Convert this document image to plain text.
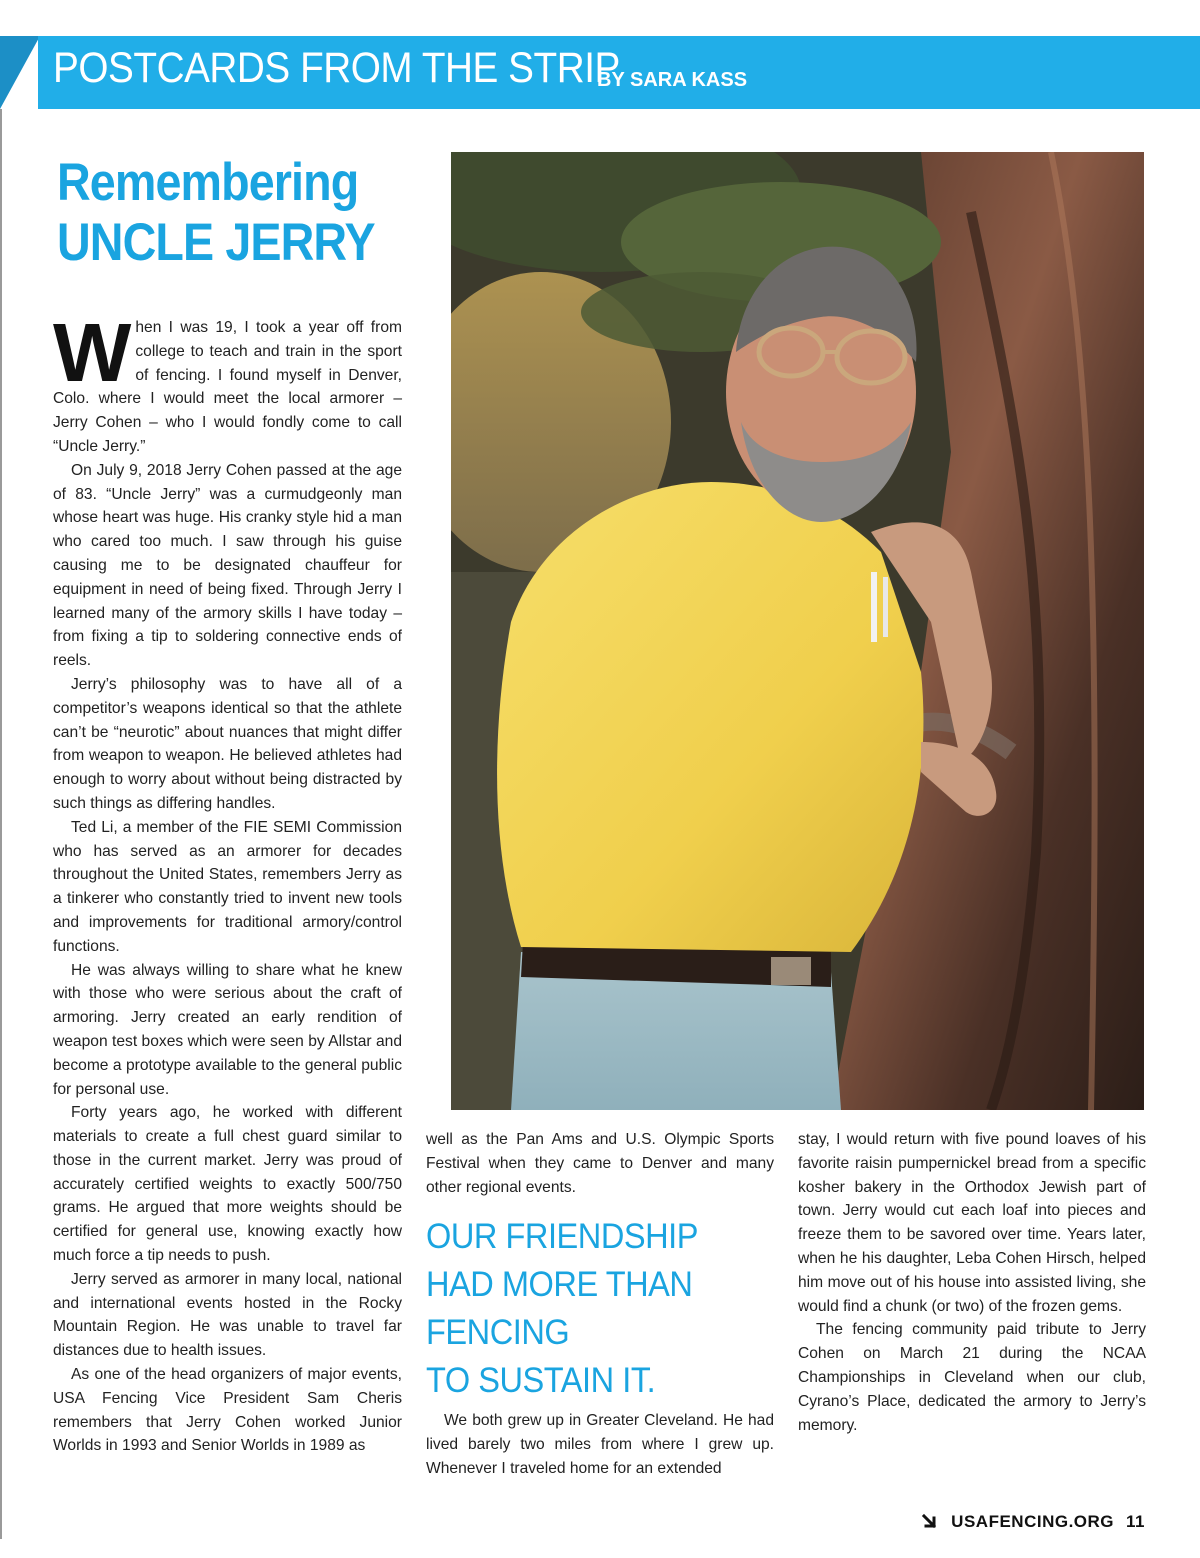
POSTCARDS FROM THE STRIP
BY SARA KASS
Remembering
UNCLE JERRY

When I was 19, I took a year off from college to teach and train in the sport of fencing. I found myself in Denver, Colo. where I would meet the local armorer – Jerry Cohen – who I would fondly come to call “Uncle Jerry.”

On July 9, 2018 Jerry Cohen passed at the age of 83. “Uncle Jerry” was a curmudgeonly man whose heart was huge. His cranky style hid a man who cared too much. I saw through his guise causing me to be designated chauffeur for equipment in need of being fixed. Through Jerry I learned many of the armory skills I have today – from fixing a tip to soldering connective ends of reels.

Jerry’s philosophy was to have all of a competitor’s weapons identical so that the athlete can’t be “neurotic” about nuances that might differ from weapon to weapon. He believed athletes had enough to worry about without being distracted by such things as differing handles.

Ted Li, a member of the FIE SEMI Commission who has served as an armorer for decades throughout the United States, remembers Jerry as a tinkerer who constantly tried to invent new tools and improvements for traditional armory/control functions.

He was always willing to share what he knew with those who were serious about the craft of armoring. Jerry created an early rendition of weapon test boxes which were seen by Allstar and become a prototype available to the general public for personal use.

Forty years ago, he worked with different materials to create a full chest guard similar to those in the current market. Jerry was proud of accurately certified weights to exactly 500/750 grams. He argued that more weights should be certified for general use, knowing exactly how much force a tip needs to push.

Jerry served as armorer in many local, national and international events hosted in the Rocky Mountain Region. He was unable to travel far distances due to health issues.

As one of the head organizers of major events, USA Fencing Vice President Sam Cheris remembers that Jerry Cohen worked Junior Worlds in 1993 and Senior Worlds in 1989 as

well as the Pan Ams and U.S. Olympic Sports Festival when they came to Denver and many other regional events.

OUR FRIENDSHIP
HAD MORE THAN
FENCING
TO SUSTAIN IT.

We both grew up in Greater Cleveland. He had lived barely two miles from where I grew up. Whenever I traveled home for an extended

stay, I would return with five pound loaves of his favorite raisin pumpernickel bread from a specific kosher bakery in the Orthodox Jewish part of town. Jerry would cut each loaf into pieces and freeze them to be savored over time. Years later, when he his daughter, Leba Cohen Hirsch, helped him move out of his house into assisted living, she would find a chunk (or two) of the frozen gems.

The fencing community paid tribute to Jerry Cohen on March 21 during the NCAA Championships in Cleveland when our club, Cyrano’s Place, dedicated the armory to Jerry’s memory.

USAFENCING.ORG 11
